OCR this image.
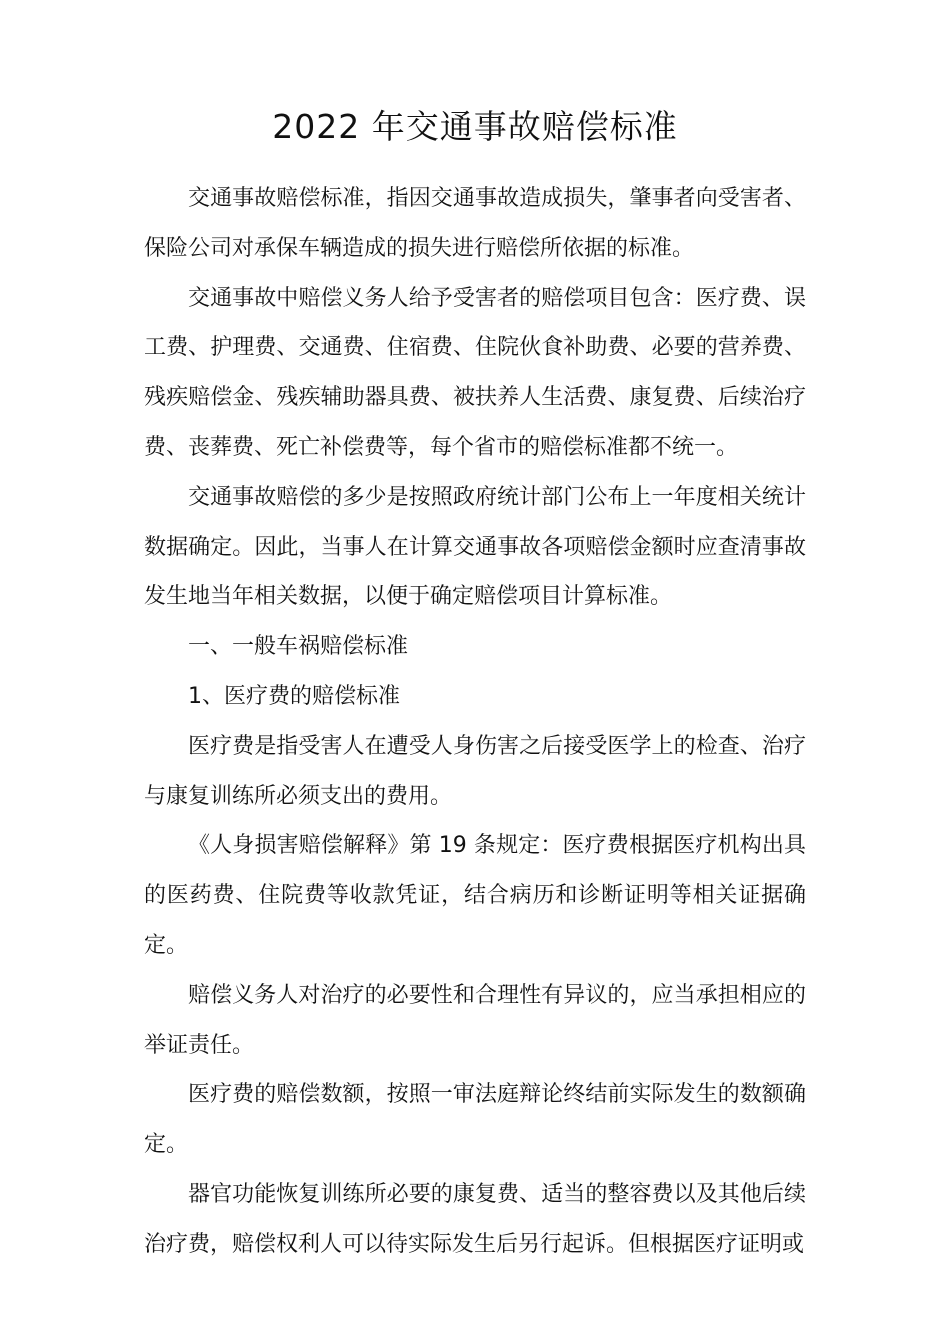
2022 年交通事故赔偿标准

交通事故赔偿标准，指因交通事故造成损失，肇事者向受害者、保险公司对承保车辆造成的损失进行赔偿所依据的标准。

交通事故中赔偿义务人给予受害者的赔偿项目包含：医疗费、误工费、护理费、交通费、住宿费、住院伙食补助费、必要的营养费、残疾赔偿金、残疾辅助器具费、被扶养人生活费、康复费、后续治疗费、丧葬费、死亡补偿费等，每个省市的赔偿标准都不统一。

交通事故赔偿的多少是按照政府统计部门公布上一年度相关统计数据确定。因此，当事人在计算交通事故各项赔偿金额时应查清事故发生地当年相关数据，以便于确定赔偿项目计算标准。

一、一般车祸赔偿标准

1、医疗费的赔偿标准

医疗费是指受害人在遭受人身伤害之后接受医学上的检查、治疗与康复训练所必须支出的费用。

《人身损害赔偿解释》第 19 条规定：医疗费根据医疗机构出具的医药费、住院费等收款凭证，结合病历和诊断证明等相关证据确定。

赔偿义务人对治疗的必要性和合理性有异议的，应当承担相应的举证责任。

医疗费的赔偿数额，按照一审法庭辩论终结前实际发生的数额确定。

器官功能恢复训练所必要的康复费、适当的整容费以及其他后续治疗费，赔偿权利人可以待实际发生后另行起诉。但根据医疗证明或
